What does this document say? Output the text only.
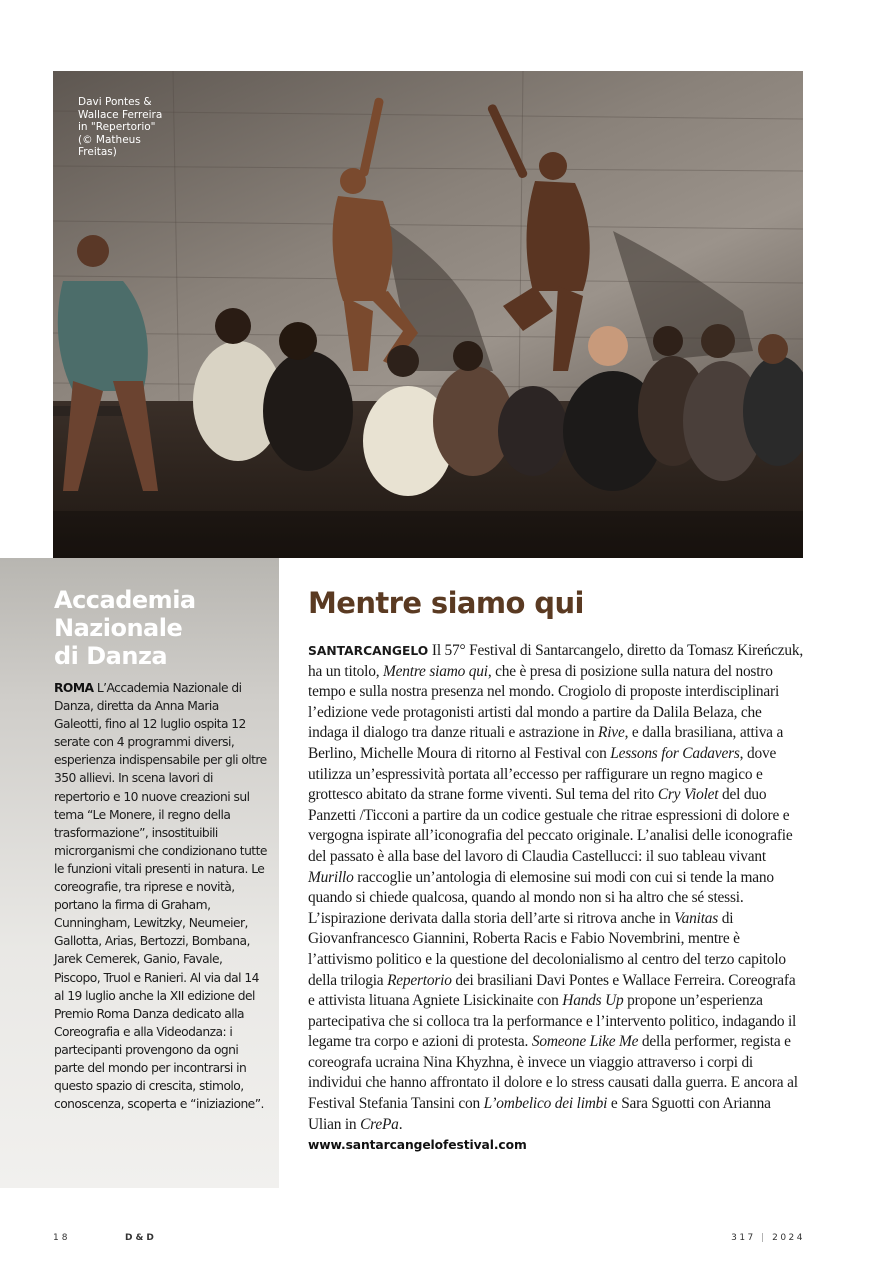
Davi Pontes &
Wallace Ferreira
in "Repertorio"
(© Matheus
Freitas)

Accademia
Nazionale
di Danza

ROMA L’Accademia Nazionale di Danza, diretta da Anna Maria Galeotti, fino al 12 luglio ospita 12 serate con 4 programmi diversi, esperienza indispensabile per gli oltre 350 allievi. In scena lavori di repertorio e 10 nuove creazioni sul tema “Le Monere, il regno della trasformazione”, insostituibili microrganismi che condizionano tutte le funzioni vitali presenti in natura. Le coreografie, tra riprese e novità, portano la firma di Graham, Cunningham, Lewitzky, Neumeier, Gallotta, Arias, Bertozzi, Bombana, Jarek Cemerek, Ganio, Favale, Piscopo, Truol e Ranieri. Al via dal 14 al 19 luglio anche la XII edizione del Premio Roma Danza dedicato alla Coreografia e alla Videodanza: i partecipanti provengono da ogni parte del mondo per incontrarsi in questo spazio di crescita, stimolo, conoscenza, scoperta e “iniziazione”.

Mentre siamo qui

SANTARCANGELO Il 57° Festival di Santarcangelo, diretto da Tomasz Kireńczuk, ha un titolo, Mentre siamo qui, che è presa di posizione sulla natura del nostro tempo e sulla nostra presenza nel mondo. Crogiolo di proposte interdisciplinari l’edizione vede protagonisti artisti dal mondo a partire da Dalila Belaza, che indaga il dialogo tra danze rituali e astrazione in Rive, e dalla brasiliana, attiva a Berlino, Michelle Moura di ritorno al Festival con Lessons for Cadavers, dove utilizza un’espressività portata all’eccesso per raffigurare un regno magico e grottesco abitato da strane forme viventi. Sul tema del rito Cry Violet del duo Panzetti /Ticconi a partire da un codice gestuale che ritrae espressioni di dolore e vergogna ispirate all’iconografia del peccato originale. L’analisi delle iconografie del passato è alla base del lavoro di Claudia Castellucci: il suo tableau vivant Murillo raccoglie un’antologia di elemosine sui modi con cui si tende la mano quando si chiede qualcosa, quando al mondo non si ha altro che sé stessi. L’ispirazione derivata dalla storia dell’arte si ritrova anche in Vanitas di Giovanfrancesco Giannini, Roberta Racis e Fabio Novembrini, mentre è l’attivismo politico e la questione del decolonialismo al centro del terzo capitolo della trilogia Repertorio dei brasiliani Davi Pontes e Wallace Ferreira. Coreografa e attivista lituana Agniete Lisickinaite con Hands Up propone un’esperienza partecipativa che si colloca tra la performance e l’intervento politico, indagando il legame tra corpo e azioni di protesta. Someone Like Me della performer, regista e coreografa ucraina Nina Khyzhna, è invece un viaggio attraverso i corpi di individui che hanno affrontato il dolore e lo stress causati dalla guerra. E ancora al Festival Stefania Tansini con L’ombelico dei limbi e Sara Sguotti con Arianna Ulian in CrePa.
www.santarcangelofestival.com

18	D&D	317 | 2024
